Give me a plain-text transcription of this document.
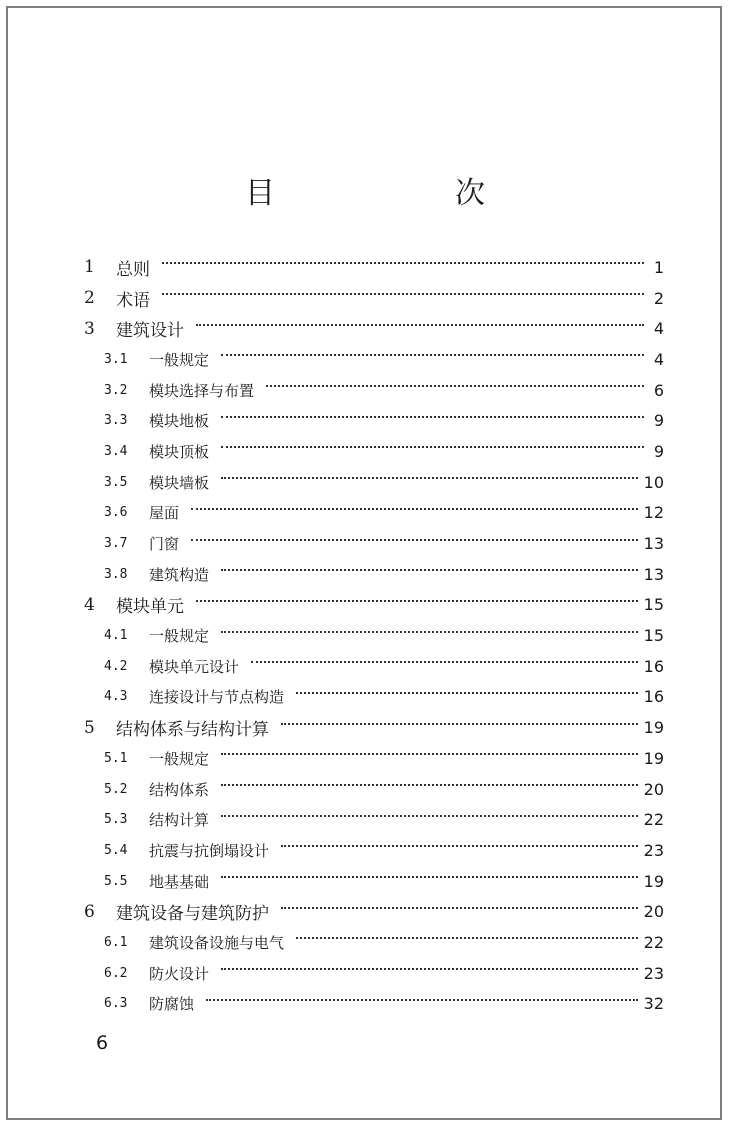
目　　次
1	总则	1
2	术语	2
3	建筑设计	4
3.1	一般规定	4
3.2	模块选择与布置	6
3.3	模块地板	9
3.4	模块顶板	9
3.5	模块墙板	10
3.6	屋面	12
3.7	门窗	13
3.8	建筑构造	13
4	模块单元	15
4.1	一般规定	15
4.2	模块单元设计	16
4.3	连接设计与节点构造	16
5	结构体系与结构计算	19
5.1	一般规定	19
5.2	结构体系	20
5.3	结构计算	22
5.4	抗震与抗倒塌设计	23
5.5	地基基础	19
6	建筑设备与建筑防护	20
6.1	建筑设备设施与电气	22
6.2	防火设计	23
6.3	防腐蚀	32
6
